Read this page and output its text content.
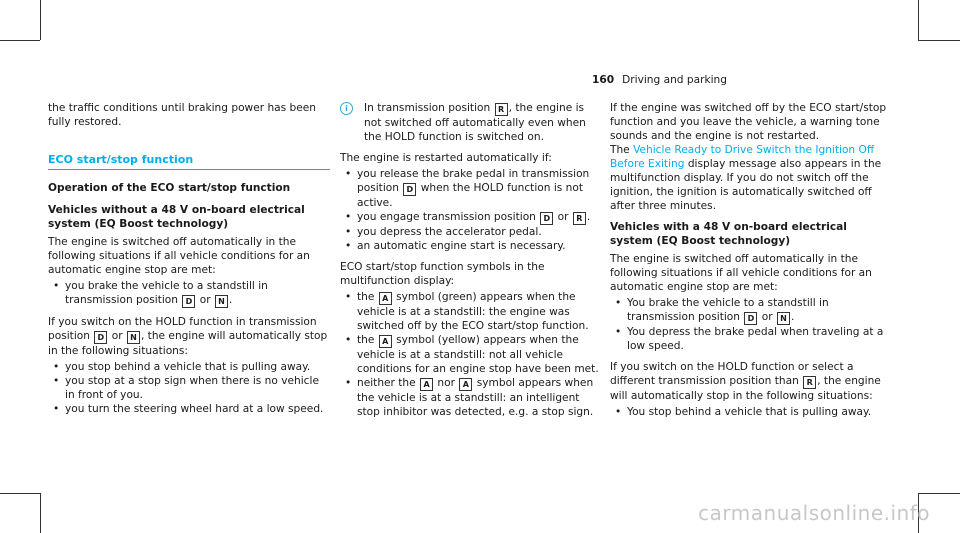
160 Driving and parking

the traffic conditions until braking power has been fully restored.

ECO start/stop function
Operation of the ECO start/stop function
Vehicles without a 48 V on-board electrical system (EQ Boost technology)

The engine is switched off automatically in the following situations if all vehicle conditions for an automatic engine stop are met:

• you brake the vehicle to a standstill in transmission position D or N .

If you switch on the HOLD function in transmission position D or N , the engine will automatically stop in the following situations:

• you stop behind a vehicle that is pulling away.
• you stop at a stop sign when there is no vehicle in front of you.
• you turn the steering wheel hard at a low speed.

i	In transmission position R , the engine is not switched off automatically even when the HOLD function is switched on.

The engine is restarted automatically if:

• you release the brake pedal in transmission position D when the HOLD function is not active.
• you engage transmission position D or R .
• you depress the accelerator pedal.
• an automatic engine start is necessary.

ECO start/stop function symbols in the multifunction display:

• the A symbol (green) appears when the vehicle is at a standstill: the engine was switched off by the ECO start/stop function.
• the A symbol (yellow) appears when the vehicle is at a standstill: not all vehicle conditions for an engine stop have been met.
• neither the A nor A symbol appears when the vehicle is at a standstill: an intelligent stop inhibitor was detected, e.g. a stop sign.

If the engine was switched off by the ECO start/stop function and you leave the vehicle, a warning tone sounds and the engine is not restarted.

The Vehicle Ready to Drive Switch the Ignition Off Before Exiting display message also appears in the multifunction display. If you do not switch off the ignition, the ignition is automatically switched off after three minutes.

Vehicles with a 48 V on-board electrical system (EQ Boost technology)

The engine is switched off automatically in the following situations if all vehicle conditions for an automatic engine stop are met:

• You brake the vehicle to a standstill in transmission position D or N .
• You depress the brake pedal when traveling at a low speed.

If you switch on the HOLD function or select a different transmission position than R , the engine will automatically stop in the following situations:

• You stop behind a vehicle that is pulling away.
carmanualsonline.info
